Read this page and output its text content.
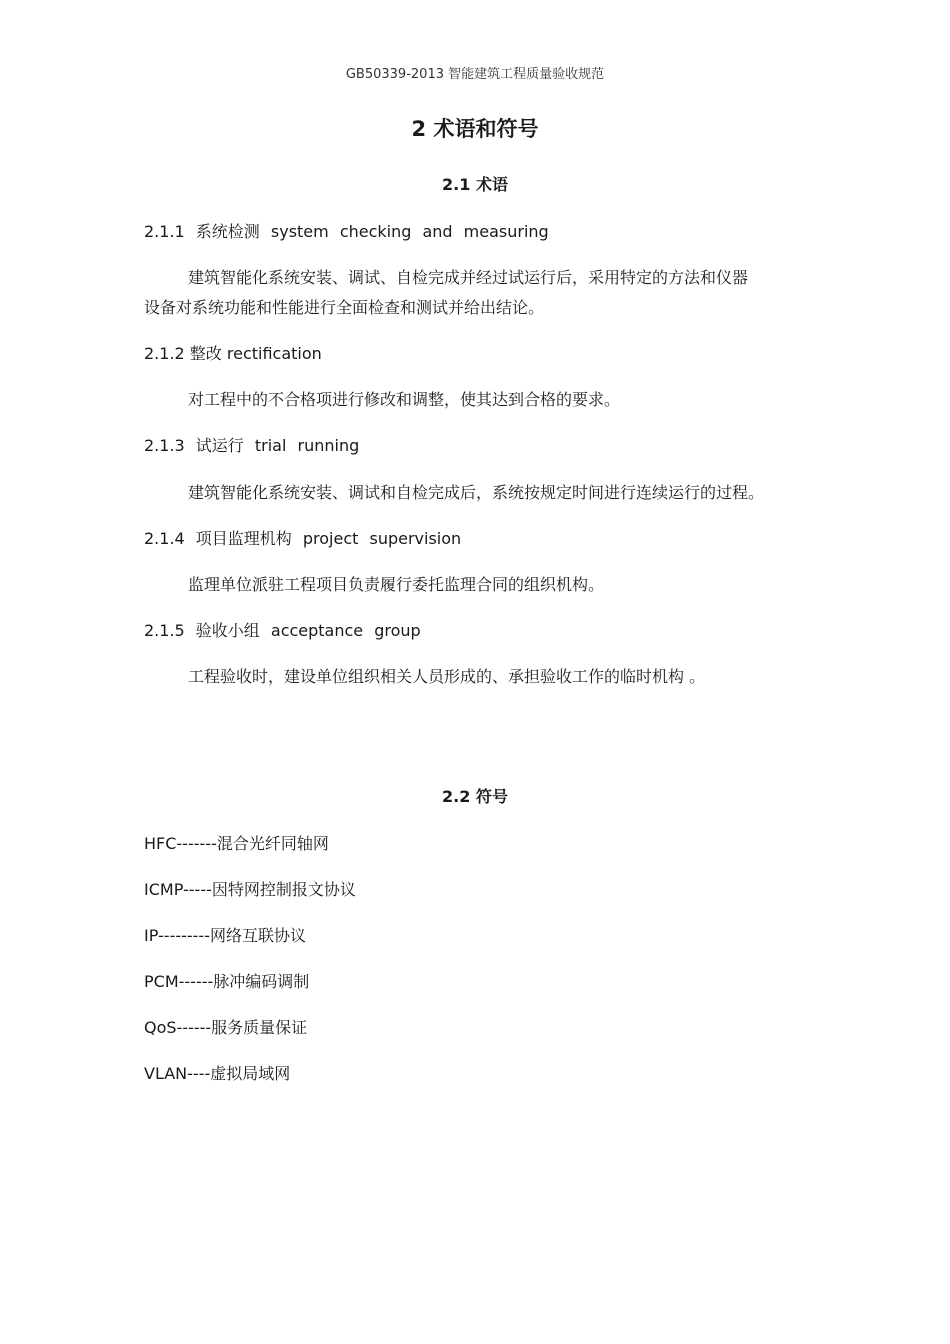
GB50339-2013 智能建筑工程质量验收规范
2 术语和符号
2.1 术语
2.1.1 系统检测 system checking and measuring
建筑智能化系统安装、调试、自检完成并经过试运行后，采用特定的方法和仪器
设备对系统功能和性能进行全面检查和测试并给出结论。
2.1.2 整改 rectification
对工程中的不合格项进行修改和调整，使其达到合格的要求。
2.1.3 试运行 trial running
建筑智能化系统安装、调试和自检完成后，系统按规定时间进行连续运行的过程。
2.1.4 项目监理机构 project supervision
监理单位派驻工程项目负责履行委托监理合同的组织机构。
2.1.5 验收小组 acceptance group
工程验收时，建设单位组织相关人员形成的、承担验收工作的临时机构 。
2.2 符号
HFC-------混合光纤同轴网
ICMP-----因特网控制报文协议
IP---------网络互联协议
PCM------脉冲编码调制
QoS------服务质量保证
VLAN----虚拟局域网
